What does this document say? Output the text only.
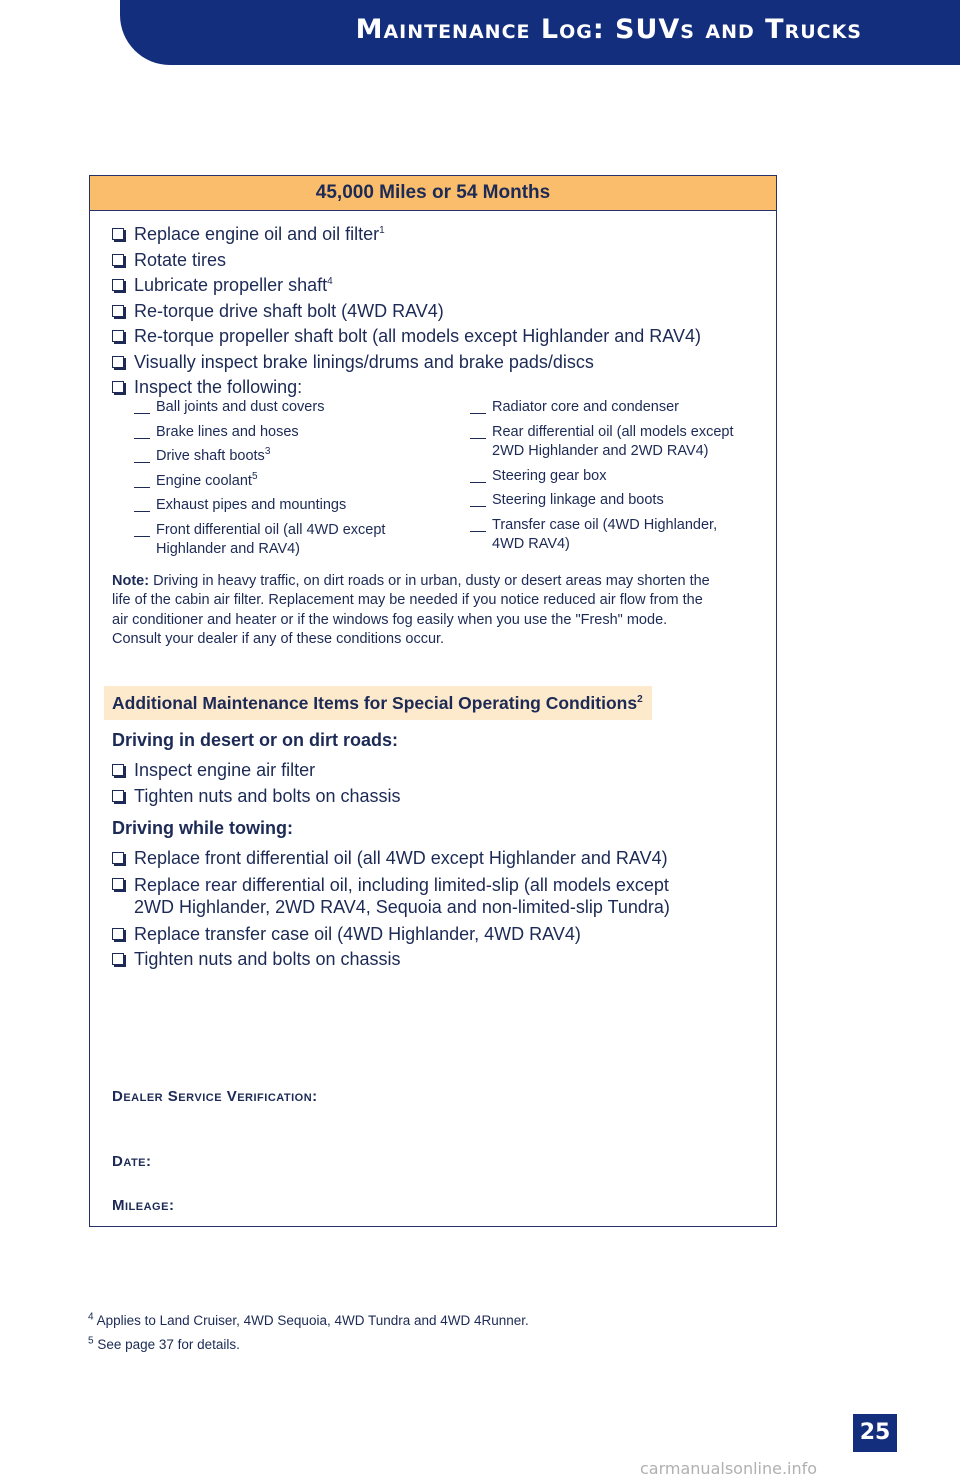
Maintenance Log: SUVs and Trucks
45,000 Miles or 54 Months
Replace engine oil and oil filter$^1$
Rotate tires
Lubricate propeller shaft$^4$
Re-torque drive shaft bolt (4WD RAV4)
Re-torque propeller shaft bolt (all models except Highlander and RAV4)
Visually inspect brake linings/drums and brake pads/discs
Inspect the following:
Ball joints and dust covers
Brake lines and hoses
Drive shaft boots$^3$
Engine coolant$^5$
Exhaust pipes and mountings
Front differential oil (all 4WD except Highlander and RAV4)
Radiator core and condenser
Rear differential oil (all models except 2WD Highlander and 2WD RAV4)
Steering gear box
Steering linkage and boots
Transfer case oil (4WD Highlander, 4WD RAV4)
Note: Driving in heavy traffic, on dirt roads or in urban, dusty or desert areas may shorten the life of the cabin air filter. Replacement may be needed if you notice reduced air flow from the air conditioner and heater or if the windows fog easily when you use the "Fresh" mode. Consult your dealer if any of these conditions occur.
Additional Maintenance Items for Special Operating Conditions$^2$
Driving in desert or on dirt roads:
Inspect engine air filter
Tighten nuts and bolts on chassis
Driving while towing:
Replace front differential oil (all 4WD except Highlander and RAV4)
Replace rear differential oil, including limited-slip (all models except 2WD Highlander, 2WD RAV4, Sequoia and non-limited-slip Tundra)
Replace transfer case oil (4WD Highlander, 4WD RAV4)
Tighten nuts and bolts on chassis
Dealer Service Verification:
Date:
Mileage:
$^4$ Applies to Land Cruiser, 4WD Sequoia, 4WD Tundra and 4WD 4Runner.
$^5$ See page 37 for details.
25
carmanualsonline.info
